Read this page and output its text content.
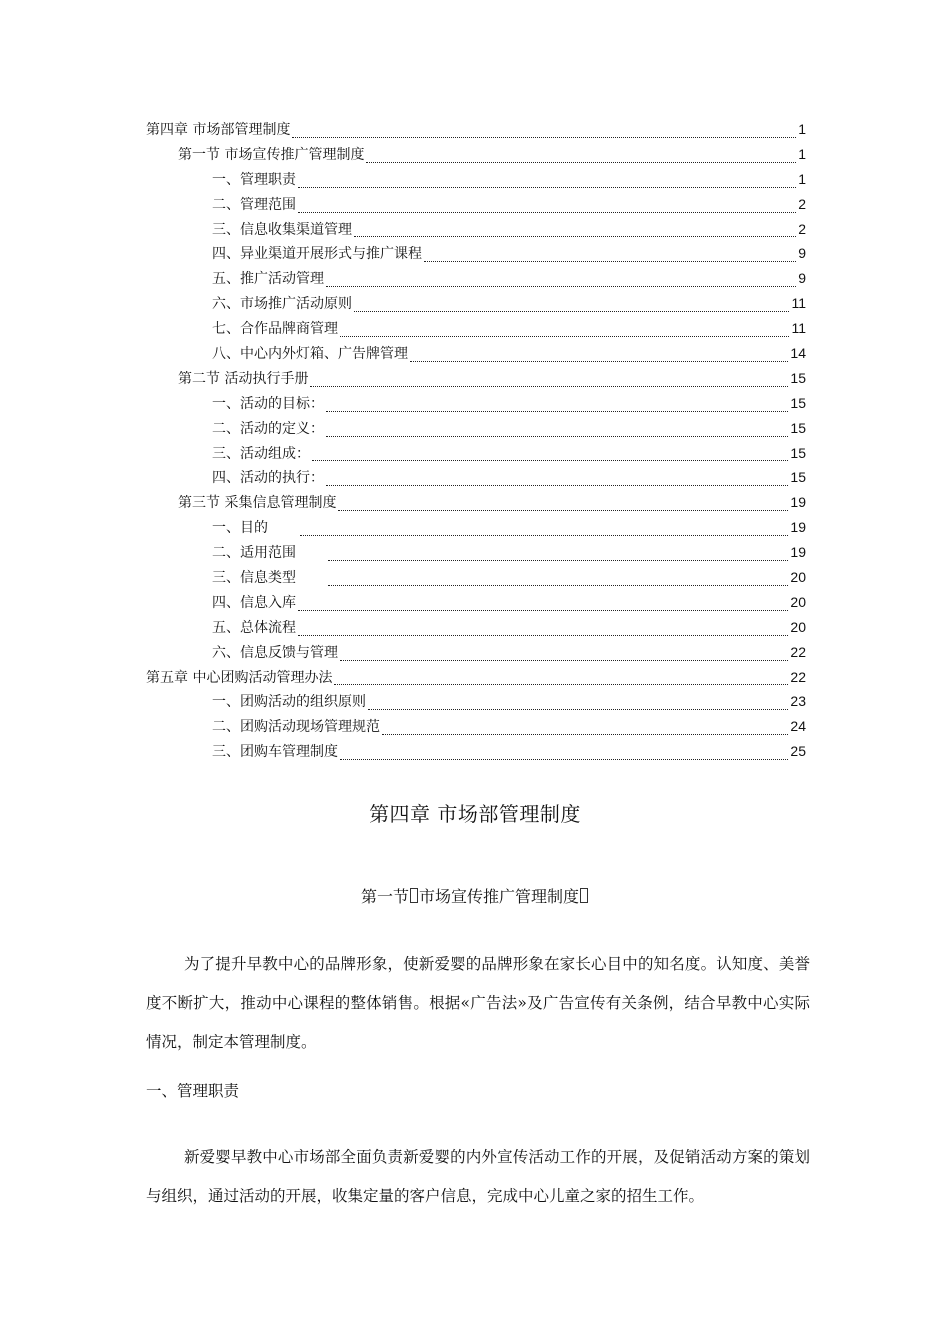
第四章 市场部管理制度	1
第一节 市场宣传推广管理制度	1
一、管理职责	1
二、管理范围	2
三、信息收集渠道管理	2
四、异业渠道开展形式与推广课程	9
五、推广活动管理	9
六、市场推广活动原则	11
七、合作品牌商管理	11
八、中心内外灯箱、广告牌管理	14
第二节 活动执行手册	15
一、活动的目标：	15
二、活动的定义：	15
三、活动组成：	15
四、活动的执行：	15
第三节 采集信息管理制度	19
一、目的	19
二、适用范围	19
三、信息类型	20
四、信息入库	20
五、总体流程	20
六、信息反馈与管理	22
第五章 中心团购活动管理办法	22
一、团购活动的组织原则	23
二、团购活动现场管理规范	24
三、团购车管理制度	25
第四章 市场部管理制度
第一节 市场宣传推广管理制度
为了提升早教中心的品牌形象，使新爱婴的品牌形象在家长心目中的知名度。认知度、美誉度不断扩大，推动中心课程的整体销售。根据«广告法»及广告宣传有关条例，结合早教中心实际情况，制定本管理制度。
一、管理职责
新爱婴早教中心市场部全面负责新爱婴的内外宣传活动工作的开展，及促销活动方案的策划与组织，通过活动的开展，收集定量的客户信息，完成中心儿童之家的招生工作。
